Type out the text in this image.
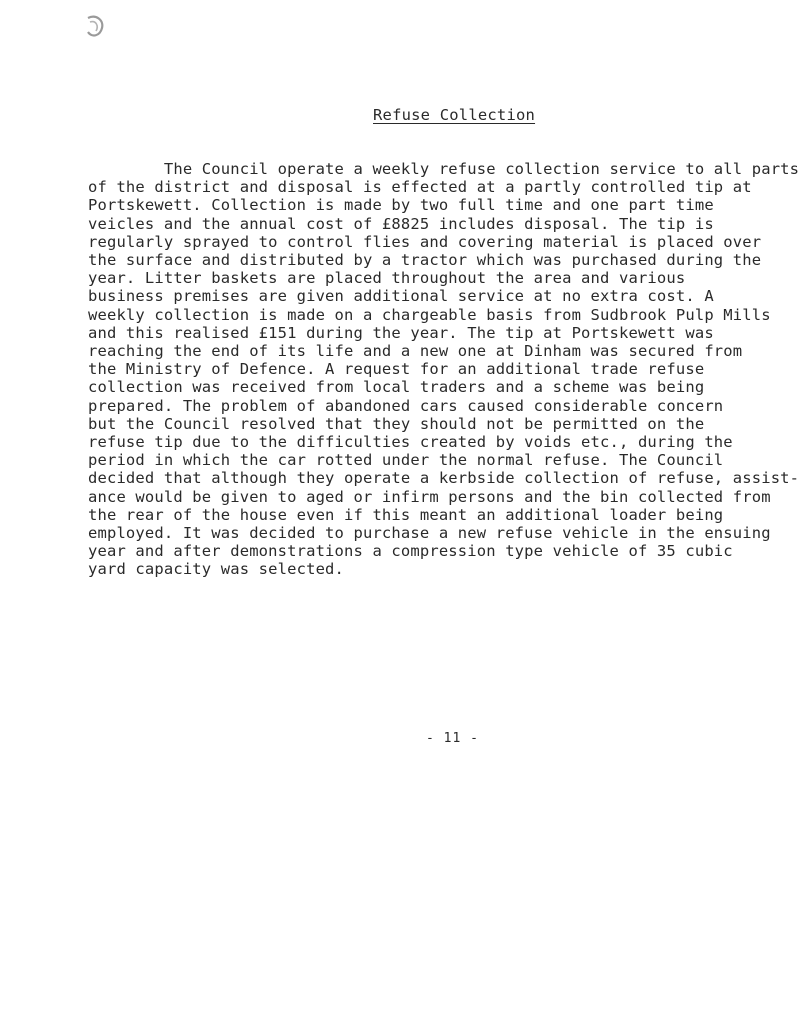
Refuse Collection
The Council operate a weekly refuse collection service to all parts
of the district and disposal is effected at a partly controlled tip at
Portskewett. Collection is made by two full time and one part time
veicles and the annual cost of £8825 includes disposal. The tip is
regularly sprayed to control flies and covering material is placed over
the surface and distributed by a tractor which was purchased during the
year. Litter baskets are placed throughout the area and various
business premises are given additional service at no extra cost. A
weekly collection is made on a chargeable basis from Sudbrook Pulp Mills
and this realised £151 during the year. The tip at Portskewett was
reaching the end of its life and a new one at Dinham was secured from
the Ministry of Defence. A request for an additional trade refuse
collection was received from local traders and a scheme was being
prepared. The problem of abandoned cars caused considerable concern
but the Council resolved that they should not be permitted on the
refuse tip due to the difficulties created by voids etc., during the
period in which the car rotted under the normal refuse. The Council
decided that although they operate a kerbside collection of refuse, assist-
ance would be given to aged or infirm persons and the bin collected from
the rear of the house even if this meant an additional loader being
employed. It was decided to purchase a new refuse vehicle in the ensuing
year and after demonstrations a compression type vehicle of 35 cubic
yard capacity was selected.
- 11 -
